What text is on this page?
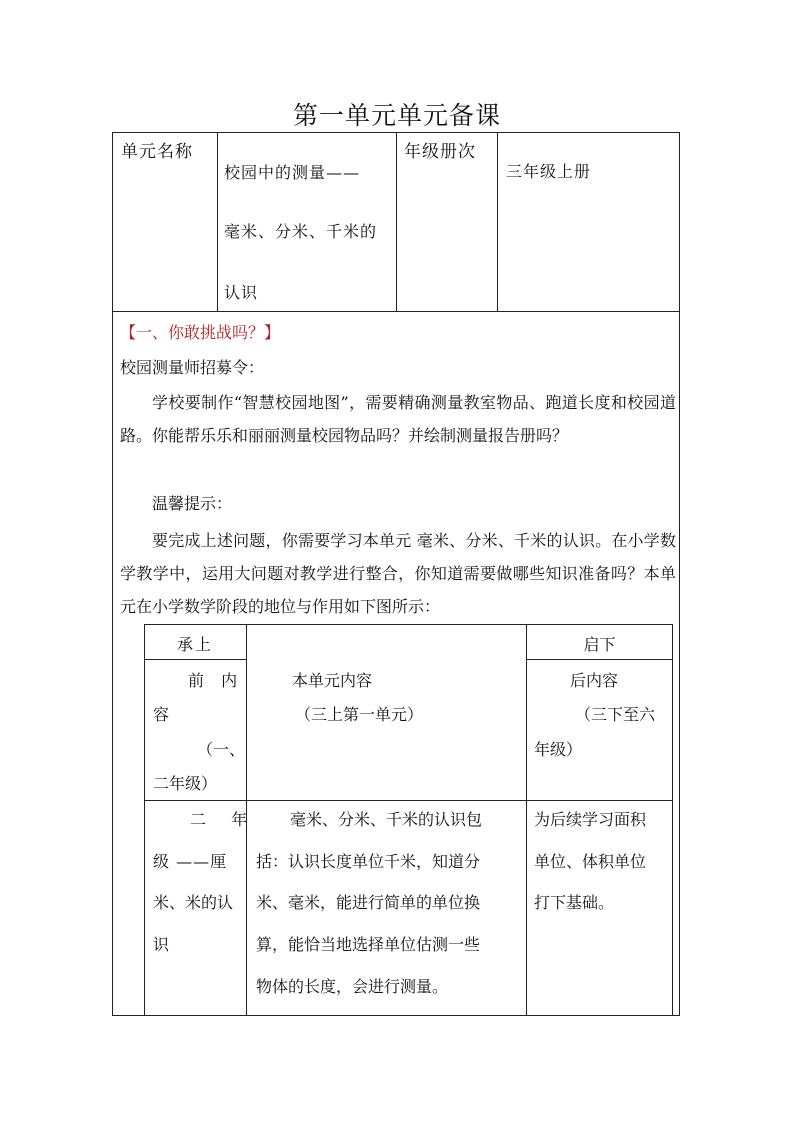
第一单元单元备课
单元名称
校园中的测量——
毫米、分米、千米的
认识
年级册次
三年级上册
【一、你敢挑战吗？】
校园测量师招募令：
学校要制作“智慧校园地图”，需要精确测量教室物品、跑道长度和校园道路。你能帮乐乐和丽丽测量校园物品吗？并绘制测量报告册吗？
温馨提示：
要完成上述问题，你需要学习本单元 毫米、分米、千米的认识。在小学数学教学中，运用大问题对教学进行整合，你知道需要做哪些知识准备吗？本单元在小学数学阶段的地位与作用如下图所示：
承上	启下
前 内
容
（一、
二年级）
本单元内容
（三上第一单元）
后内容
（三下至六
年级）
二 年
级 ——厘
米、米的认
识
毫米、分米、千米的认识包
括：认识长度单位千米，知道分
米、毫米，能进行简单的单位换
算，能恰当地选择单位估测一些
物体的长度，会进行测量。
为后续学习面积
单位、体积单位
打下基础。
